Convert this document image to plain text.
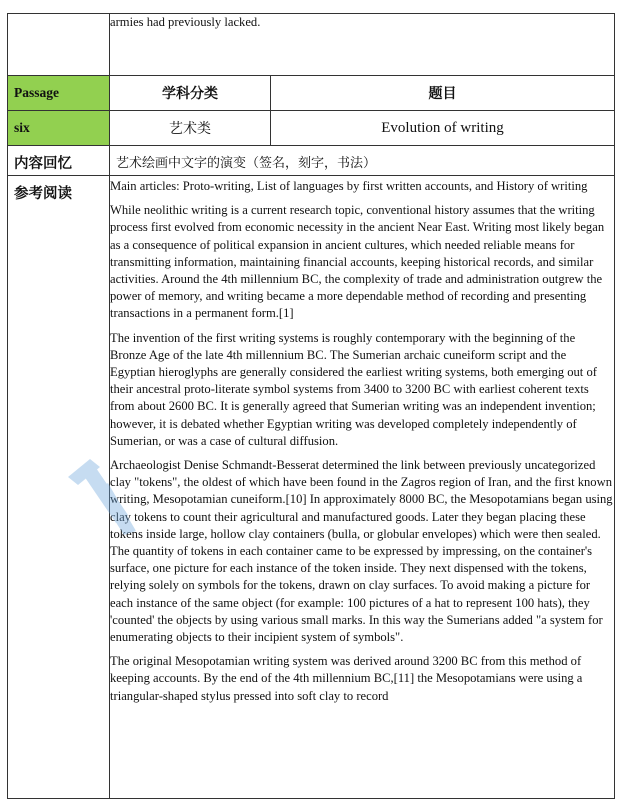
	armies had previously lacked.	
Passage	学科分类	题目
six	艺术类	Evolution of writing
内容回忆	艺术绘画中文字的演变（签名，刻字，书法）	
参考阅读	Main articles: Proto-writing, List of languages by first written accounts, and History of writing

While neolithic writing is a current research topic, conventional history assumes that the writing process first evolved from economic necessity in the ancient Near East. Writing most likely began as a consequence of political expansion in ancient cultures, which needed reliable means for transmitting information, maintaining financial accounts, keeping historical records, and similar activities. Around the 4th millennium BC, the complexity of trade and administration outgrew the power of memory, and writing became a more dependable method of recording and presenting transactions in a permanent form.[1]

The invention of the first writing systems is roughly contemporary with the beginning of the Bronze Age of the late 4th millennium BC. The Sumerian archaic cuneiform script and the Egyptian hieroglyphs are generally considered the earliest writing systems, both emerging out of their ancestral proto-literate symbol systems from 3400 to 3200 BC with earliest coherent texts from about 2600 BC. It is generally agreed that Sumerian writing was an independent invention; however, it is debated whether Egyptian writing was developed completely independently of Sumerian, or was a case of cultural diffusion.

Archaeologist Denise Schmandt-Besserat determined the link between previously uncategorized clay "tokens", the oldest of which have been found in the Zagros region of Iran, and the first known writing, Mesopotamian cuneiform.[10] In approximately 8000 BC, the Mesopotamians began using clay tokens to count their agricultural and manufactured goods. Later they began placing these tokens inside large, hollow clay containers (bulla, or globular envelopes) which were then sealed. The quantity of tokens in each container came to be expressed by impressing, on the container's surface, one picture for each instance of the token inside. They next dispensed with the tokens, relying solely on symbols for the tokens, drawn on clay surfaces. To avoid making a picture for each instance of the same object (for example: 100 pictures of a hat to represent 100 hats), they 'counted' the objects by using various small marks. In this way the Sumerians added "a system for enumerating objects to their incipient system of symbols".

The original Mesopotamian writing system was derived around 3200 BC from this method of keeping accounts. By the end of the 4th millennium BC,[11] the Mesopotamians were using a triangular-shaped stylus pressed into soft clay to record	
